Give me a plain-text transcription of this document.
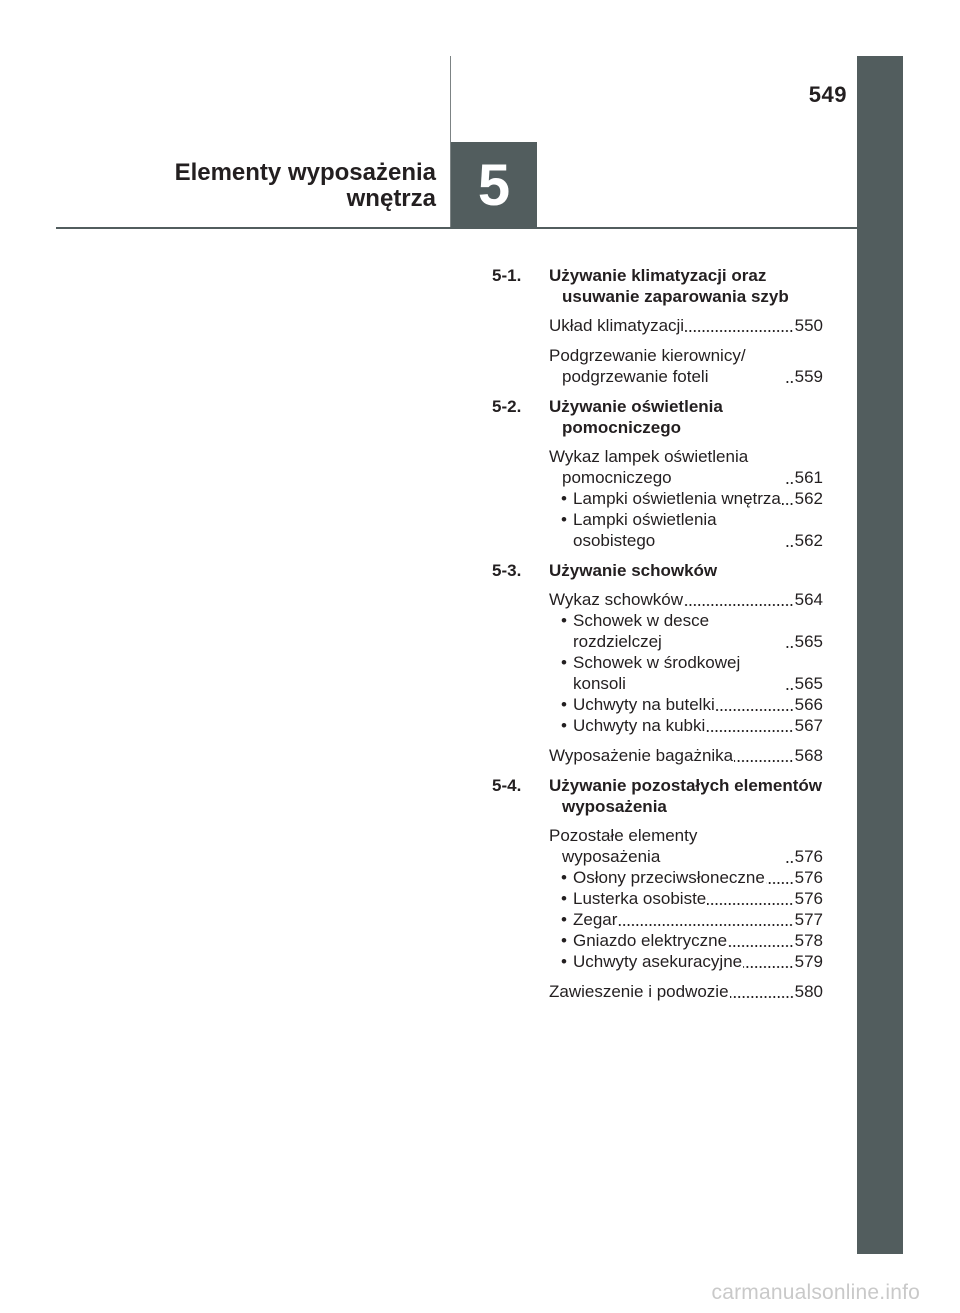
549
Elementy wyposażenia
wnętrza 5
5-1.	Używanie klimatyzacji oraz usuwanie zaparowania szyb
Układ klimatyzacji	550
Podgrzewanie kierownicy/ podgrzewanie foteli	559
5-2.	Używanie oświetlenia pomocniczego
Wykaz lampek oświetlenia pomocniczego	561
• Lampki oświetlenia wnętrza 562
• Lampki oświetlenia osobistego	562
5-3.	Używanie schowków
Wykaz schowków	564
• Schowek w desce rozdzielczej	565
• Schowek w środkowej konsoli	565
• Uchwyty na butelki	566
• Uchwyty na kubki	567
Wyposażenie bagażnika	568
5-4.	Używanie pozostałych elementów wyposażenia
Pozostałe elementy wyposażenia	576
• Osłony przeciwsłoneczne 576
• Lusterka osobiste	576
• Zegar	577
• Gniazdo elektryczne	578
• Uchwyty asekuracyjne	579
Zawieszenie i podwozie	580
carmanualsonline.info
